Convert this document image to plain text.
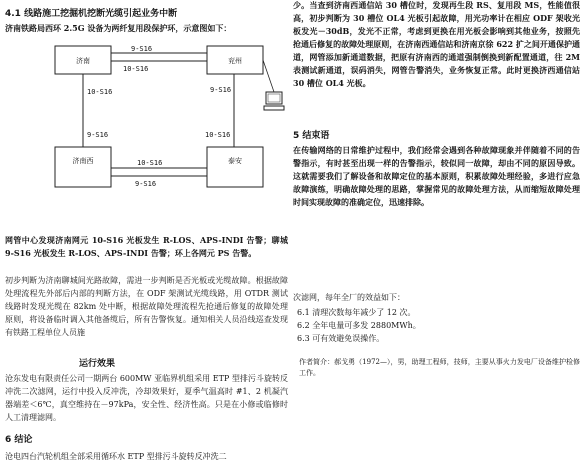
4.1 线路施工挖掘机挖断光缆引起业务中断

济南铁路局西环 2.5G 设备为两纤复用段保护环，示意图如下：

济南	兖州
济南西	泰安
9-S16
10-S16
10-S16	9-S16
9-S16	10-S16
10-S16
9-S16

网管中心发现济南网元 10-S16 光板发生 R-LOS、APS-INDI 告警；聊城 9-S16 光板发生 R-LOS、APS-INDI 告警；环上各网元 PS 告警。

初步判断为济南聊城间光路故障，需进一步判断是否光板或光缆故障。根据故障处理流程先外部后内部的判断方法，在 ODF 架测试光缆线路，用 OTDR 测试线路时发现光缆在 82km 处中断，根据故障处理流程先抢通后修复的故障处理原则，将设备临时调入其他备缆后，所有告警恢复。通知相关人员沿线巡查发现有铁路工程单位人员施

运行效果

沧东发电有限责任公司一期两台 600MW 亚临界机组采用 ETP 型排污斗旋转反冲洗二次滤网，运行中投入反冲洗，冷却效果好，夏季气温高时 #1、2 机凝汽器端差＜6℃，真空维持在－97kPa，安全性、经济性高。只是在小修或临修时人工清理滤网。

6 结论

沧电四台汽轮机组全部采用循环水 ETP 型排污斗旋转反冲洗二

少。当查到济南西通信站 30 槽位时，发现再生段 RS、复用段 MS，性能值很高，初步判断为 30 槽位 OL4 光板引起故障，用光功率计在相应 ODF 架收光板发光－30dB，发光不正常，考虑到更换在用光板会影响到其他业务，按照先抢通后修复的故障处理原则，在济南西通信站和济南京徐 622 扩之间开通保护通道，网管添加新通道数据，把原有济南西的通道强制倒换到新配置通道，往 2M 表测试新通道，误码消失，网管告警消失，业务恢复正常。此时更换济西通信站 30 槽位 OL4 光板。

5 结束语

在传输网络的日常维护过程中，我们经常会遇到各种故障现象并伴随着不同的告警指示，有时甚至出现一样的告警指示，较似同一故障，却由不同的原因导致。这就需要我们了解设备和故障定位的基本原则，积累故障处理经验，多进行应急故障演练，明确故障处理的思路，掌握常见的故障处理方法，从而缩短故障处理时间实现故障的准确定位，迅速排除。

次滤网，每年全厂的效益如下：

6.1 清理次数每年减少了 12 次。

6.2 全年电量可多发 2880MWh。

6.3 可有效避免误操作。

作者简介：郝戈勇（1972—），男，助理工程师，技师，主要从事火力发电厂设备维护检修工作。
